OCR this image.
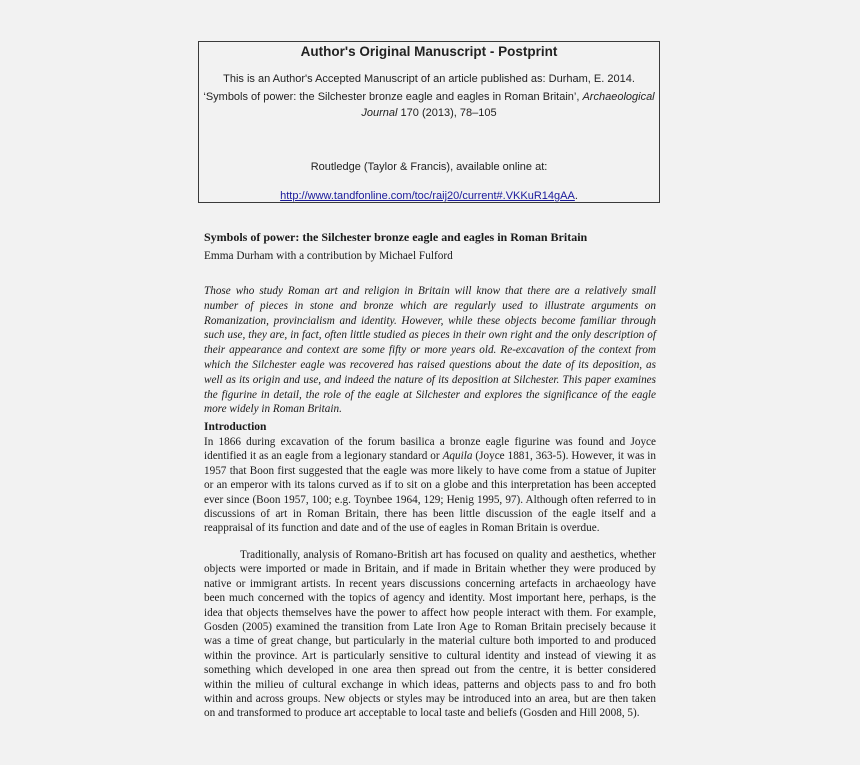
Author's Original Manuscript - Postprint
This is an Author's Accepted Manuscript of an article published as: Durham, E. 2014.
‘Symbols of power: the Silchester bronze eagle and eagles in Roman Britain’, Archaeological
Journal 170 (2013), 78–105
Routledge (Taylor & Francis), available online at:
http://www.tandfonline.com/toc/raij20/current#.VKKuR14gAA.
Symbols of power: the Silchester bronze eagle and eagles in Roman Britain
Emma Durham with a contribution by Michael Fulford

Those who study Roman art and religion in Britain will know that there are a relatively small number of pieces in stone and bronze which are regularly used to illustrate arguments on Romanization, provincialism and identity. However, while these objects become familiar through such use, they are, in fact, often little studied as pieces in their own right and the only description of their appearance and context are some fifty or more years old. Re-excavation of the context from which the Silchester eagle was recovered has raised questions about the date of its deposition, as well as its origin and use, and indeed the nature of its deposition at Silchester. This paper examines the figurine in detail, the role of the eagle at Silchester and explores the significance of the eagle more widely in Roman Britain.

Introduction

In 1866 during excavation of the forum basilica a bronze eagle figurine was found and Joyce identified it as an eagle from a legionary standard or Aquila (Joyce 1881, 363-5). However, it was in 1957 that Boon first suggested that the eagle was more likely to have come from a statue of Jupiter or an emperor with its talons curved as if to sit on a globe and this interpretation has been accepted ever since (Boon 1957, 100; e.g. Toynbee 1964, 129; Henig 1995, 97). Although often referred to in discussions of art in Roman Britain, there has been little discussion of the eagle itself and a reappraisal of its function and date and of the use of eagles in Roman Britain is overdue.

Traditionally, analysis of Romano-British art has focused on quality and aesthetics, whether objects were imported or made in Britain, and if made in Britain whether they were produced by native or immigrant artists. In recent years discussions concerning artefacts in archaeology have been much concerned with the topics of agency and identity. Most important here, perhaps, is the idea that objects themselves have the power to affect how people interact with them. For example, Gosden (2005) examined the transition from Late Iron Age to Roman Britain precisely because it was a time of great change, but particularly in the material culture both imported to and produced within the province. Art is particularly sensitive to cultural identity and instead of viewing it as something which developed in one area then spread out from the centre, it is better considered within the milieu of cultural exchange in which ideas, patterns and objects pass to and fro both within and across groups. New objects or styles may be introduced into an area, but are then taken on and transformed to produce art acceptable to local taste and beliefs (Gosden and Hill 2008, 5).
